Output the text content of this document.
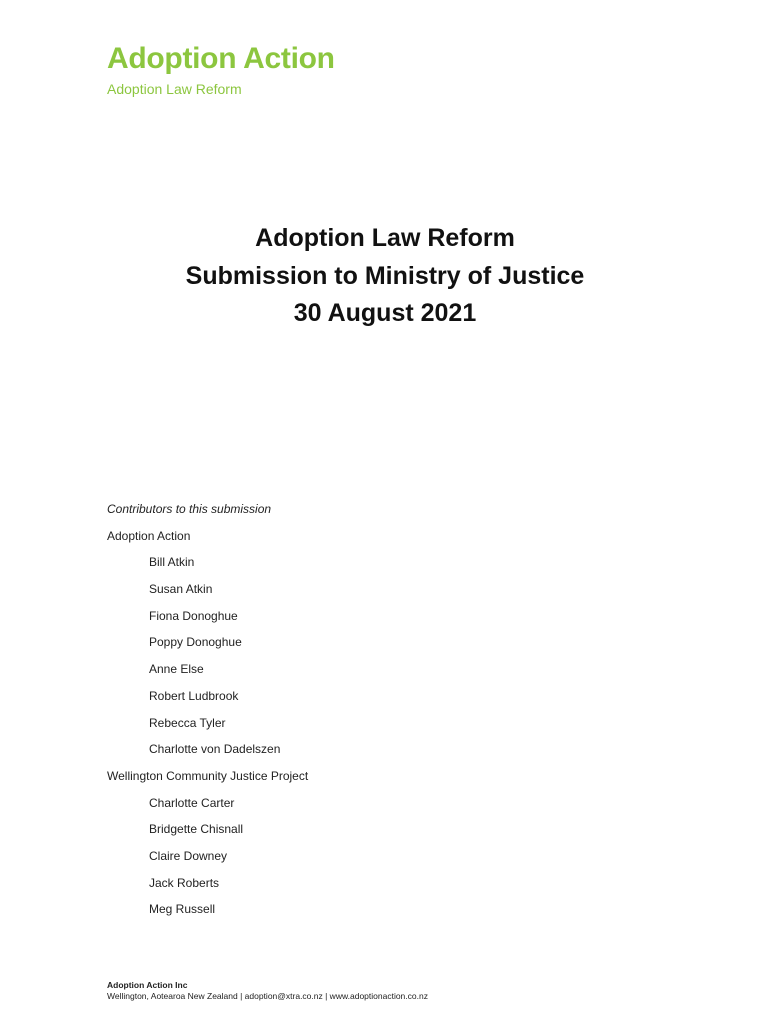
Adoption Action
Adoption Law Reform
Adoption Law Reform
Submission to Ministry of Justice
30 August 2021
Contributors to this submission
Adoption Action
Bill Atkin
Susan Atkin
Fiona Donoghue
Poppy Donoghue
Anne Else
Robert Ludbrook
Rebecca Tyler
Charlotte von Dadelszen
Wellington Community Justice Project
Charlotte Carter
Bridgette Chisnall
Claire Downey
Jack Roberts
Meg Russell
Adoption Action Inc
Wellington, Aotearoa New Zealand | adoption@xtra.co.nz | www.adoptionaction.co.nz
